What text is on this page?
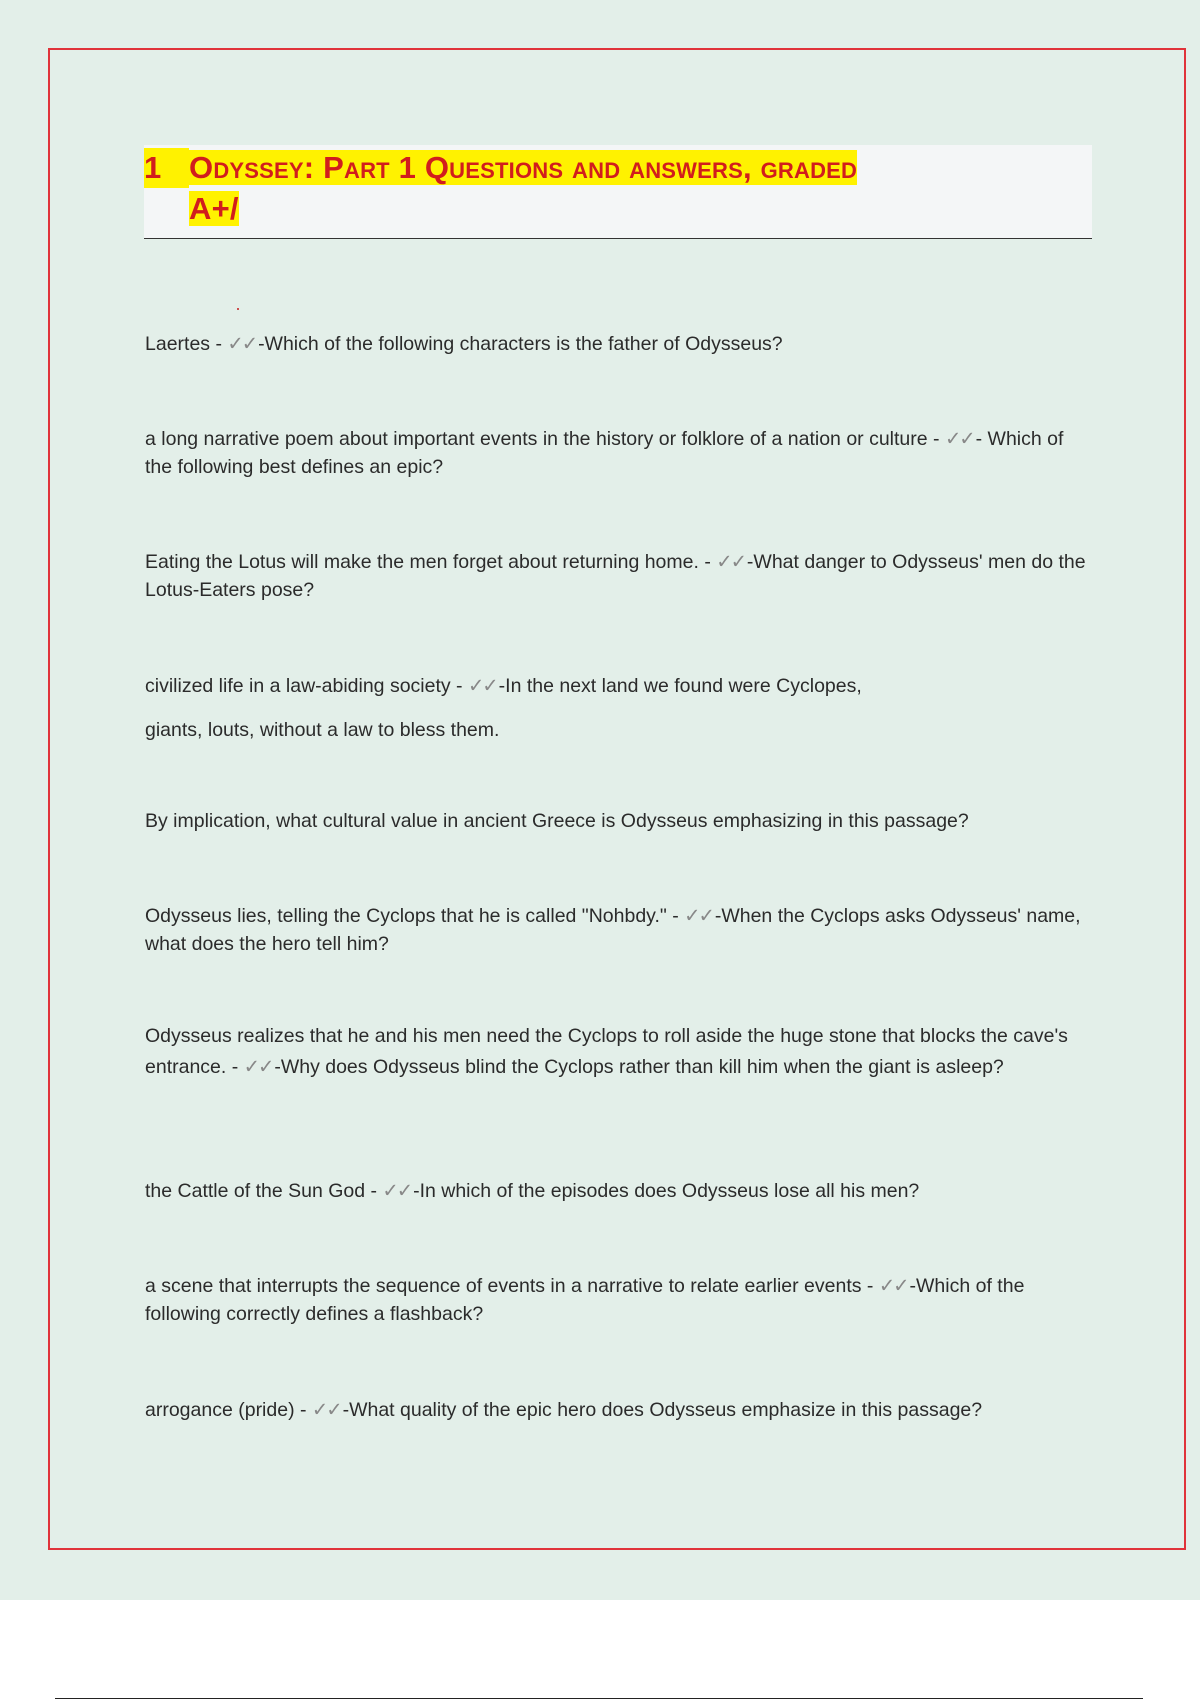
1 Odyssey: Part 1 Questions and answers, graded
A+/
Laertes - ✓✓ -Which of the following characters is the father of Odysseus?
a long narrative poem about important events in the history or folklore of a nation or culture - ✓✓ - Which of the following best defines an epic?
Eating the Lotus will make the men forget about returning home. - ✓✓ -What danger to Odysseus' men do the Lotus-Eaters pose?
civilized life in a law-abiding society - ✓✓ -In the next land we found were Cyclopes,
giants, louts, without a law to bless them.
By implication, what cultural value in ancient Greece is Odysseus emphasizing in this passage?
Odysseus lies, telling the Cyclops that he is called "Nohbdy." - ✓✓ -When the Cyclops asks Odysseus' name, what does the hero tell him?
Odysseus realizes that he and his men need the Cyclops to roll aside the huge stone that blocks the cave's entrance. - ✓✓ -Why does Odysseus blind the Cyclops rather than kill him when the giant is asleep?
the Cattle of the Sun God - ✓✓ -In which of the episodes does Odysseus lose all his men?
a scene that interrupts the sequence of events in a narrative to relate earlier events - ✓✓ -Which of the following correctly defines a flashback?
arrogance (pride) - ✓✓ -What quality of the epic hero does Odysseus emphasize in this passage?
